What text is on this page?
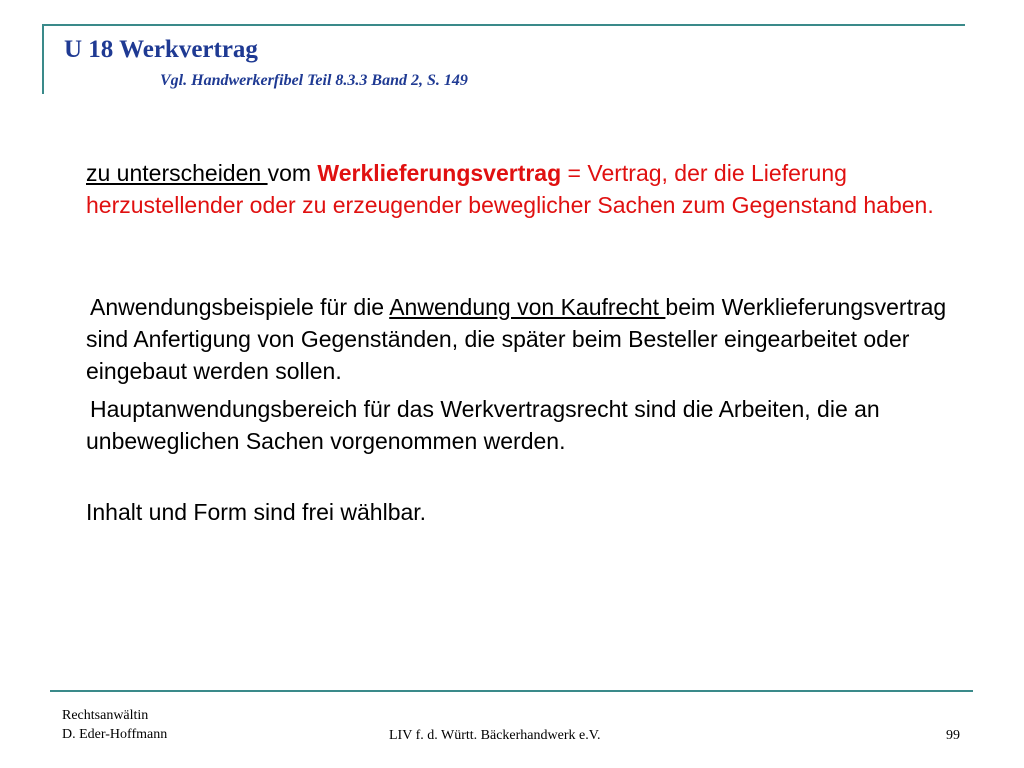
U 18 Werkvertrag
Vgl. Handwerkerfibel Teil 8.3.3 Band 2, S. 149
zu unterscheiden vom Werklieferungsvertrag = Vertrag, der die Lieferung herzustellender oder zu erzeugender beweglicher Sachen zum Gegenstand haben.
Anwendungsbeispiele für die Anwendung von Kaufrecht beim Werklieferungsvertrag sind Anfertigung von Gegenständen, die später beim Besteller eingearbeitet oder eingebaut werden sollen.
Hauptanwendungsbereich für das Werkvertragsrecht sind die Arbeiten, die an unbeweglichen Sachen vorgenommen werden.
Inhalt und Form sind frei wählbar.
Rechtsanwältin
D. Eder-Hoffmann	LIV f. d. Württ. Bäckerhandwerk e.V.	99
